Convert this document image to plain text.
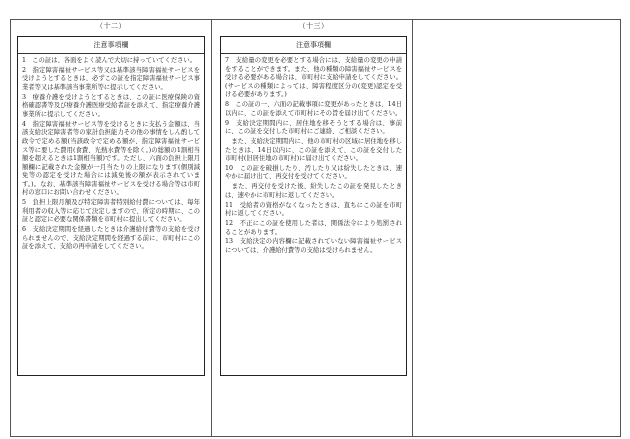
（十二）
注意事項欄

1　この証は、各面をよく読んで大切に持っていてください。

2　指定障害福祉サービス等又は基準該当障害福祉サービスを受けようとするときは、必ずこの証を指定障害福祉サービス事業者等又は基準該当事業所等に提示してください。

3　療養介護を受けようとするときは、この証に医療保険の資格確認書等及び療養介護医療受給者証を添えて、指定療養介護事業所に提示してください。

4　指定障害福祉サービス等を受けるときに支払う金額は、当該支給決定障害者等の家計負担能力その他の事情をしん酌して政令で定める額(当該政令で定める額が、指定障害福祉サービス等に要した費用(食費、光熱水費等を除く。)の総額の1割相当額を超えるときは1割相当額)です。ただし、六面の負担上限月額欄に記載された金額が一月当たりの上限になります(個別減免等の認定を受けた場合には減免後の額が表示されています。)。なお、基準該当障害福祉サービスを受ける場合等は市町村の窓口にお問い合わせください。

5　負担上限月額及び特定障害者特別給付費については、毎年利用者の収入等に応じて決定しますので、所定の時期に、この証と認定に必要な関係書類を市町村に提出してください。

6　支給決定期間を経過したときは介護給付費等の支給を受けられませんので、支給決定期間を経過する前に、市町村にこの証を添えて、支給の再申請をしてください。

（十三）
注意事項欄

7　支給量の変更を必要とする場合には、支給量の変更の申請をすることができます。また、他の種類の障害福祉サービスを受ける必要がある場合は、市町村に支給申請をしてください。(サービスの種類によっては、障害程度区分の(変更)認定を受ける必要があります。)

8　この証の一、六面の記載事項に変更があったときは、14日以内に、この証を添えて市町村にその旨を届け出てください。

9　支給決定期間内に、居住地を移そうとする場合は、事前に、この証を交付した市町村にご連絡、ご相談ください。

　また、支給決定期間内に、他の市町村の区域に居住地を移したときは、14日以内に、この証を添えて、この証を交付した市町村(旧居住地の市町村)に届け出てください。

10　この証を破損したり、汚したり又は紛失したときは、速やかに届け出て、再交付を受けてください。

　また、再交付を受けた後、紛失したこの証を発見したときは、速やかに市町村に返してください。

11　受給者の資格がなくなったときは、直ちにこの証を市町村に返してください。

12　不正にこの証を使用した者は、関係法令により処罰されることがあります。

13　支給決定の内容欄に記載されていない障害福祉サービスについては、介護給付費等の支給は受けられません。
